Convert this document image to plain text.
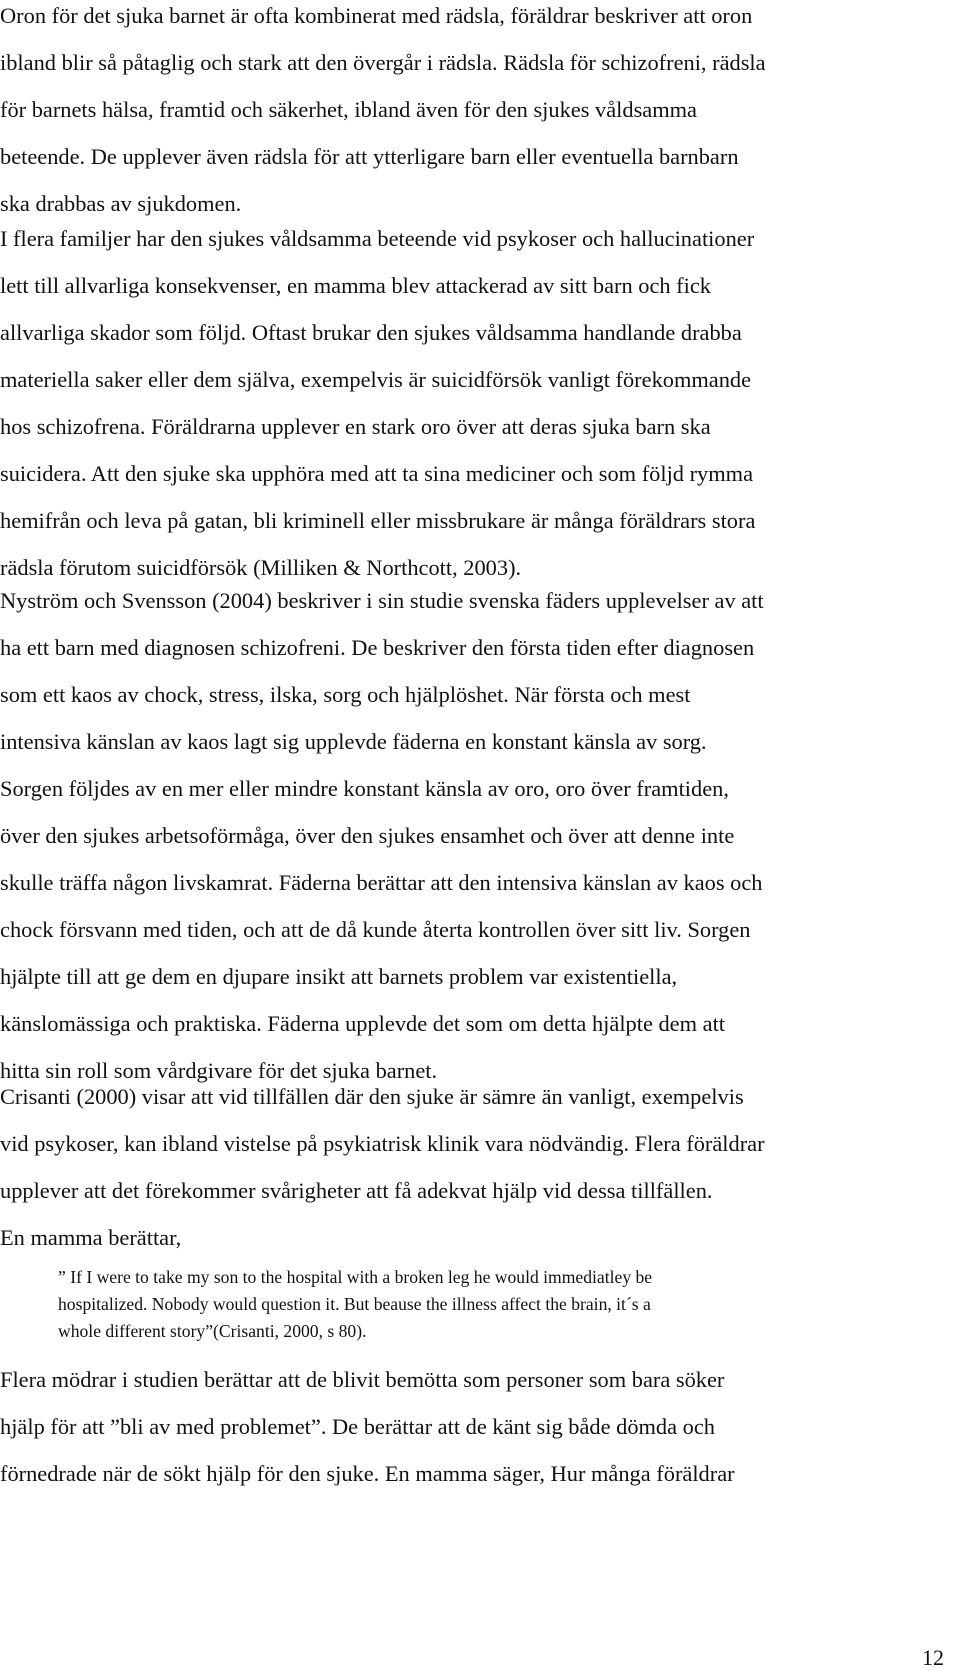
Oron för det sjuka barnet är ofta kombinerat med rädsla, föräldrar beskriver att oron
ibland blir så påtaglig och stark att den övergår i rädsla. Rädsla för schizofreni, rädsla
för barnets hälsa, framtid och säkerhet, ibland även för den sjukes våldsamma
beteende. De upplever även rädsla för att ytterligare barn eller eventuella barnbarn
ska drabbas av sjukdomen.

I flera familjer har den sjukes våldsamma beteende vid psykoser och hallucinationer
lett till allvarliga konsekvenser, en mamma blev attackerad av sitt barn och fick
allvarliga skador som följd. Oftast brukar den sjukes våldsamma handlande drabba
materiella saker eller dem själva, exempelvis är suicidförsök vanligt förekommande
hos schizofrena. Föräldrarna upplever en stark oro över att deras sjuka barn ska
suicidera. Att den sjuke ska upphöra med att ta sina mediciner och som följd rymma
hemifrån och leva på gatan, bli kriminell eller missbrukare är många föräldrars stora
rädsla förutom suicidförsök (Milliken & Northcott, 2003).

Nyström och Svensson (2004) beskriver i sin studie svenska fäders upplevelser av att
ha ett barn med diagnosen schizofreni. De beskriver den första tiden efter diagnosen
som ett kaos av chock, stress, ilska, sorg och hjälplöshet. När första och mest
intensiva känslan av kaos lagt sig upplevde fäderna en konstant känsla av sorg.
Sorgen följdes av en mer eller mindre konstant känsla av oro, oro över framtiden,
över den sjukes arbetsoförmåga, över den sjukes ensamhet och över att denne inte
skulle träffa någon livskamrat. Fäderna berättar att den intensiva känslan av kaos och
chock försvann med tiden, och att de då kunde återta kontrollen över sitt liv. Sorgen
hjälpte till att ge dem en djupare insikt att barnets problem var existentiella,
känslomässiga och praktiska. Fäderna upplevde det som om detta hjälpte dem att
hitta sin roll som vårdgivare för det sjuka barnet.

Crisanti (2000) visar att vid tillfällen där den sjuke är sämre än vanligt, exempelvis
vid psykoser, kan ibland vistelse på psykiatrisk klinik vara nödvändig. Flera föräldrar
upplever att det förekommer svårigheter att få adekvat hjälp vid dessa tillfällen.
En mamma berättar,

” If I were to take my son to the hospital with a broken leg he would immediatley be
hospitalized. Nobody would question it. But beause the illness affect the brain, it´s a
whole different story”(Crisanti, 2000, s 80).

Flera mödrar i studien berättar att de blivit bemötta som personer som bara söker
hjälp för att ”bli av med problemet”. De berättar att de känt sig både dömda och
förnedrade när de sökt hjälp för den sjuke. En mamma säger, Hur många föräldrar

12
